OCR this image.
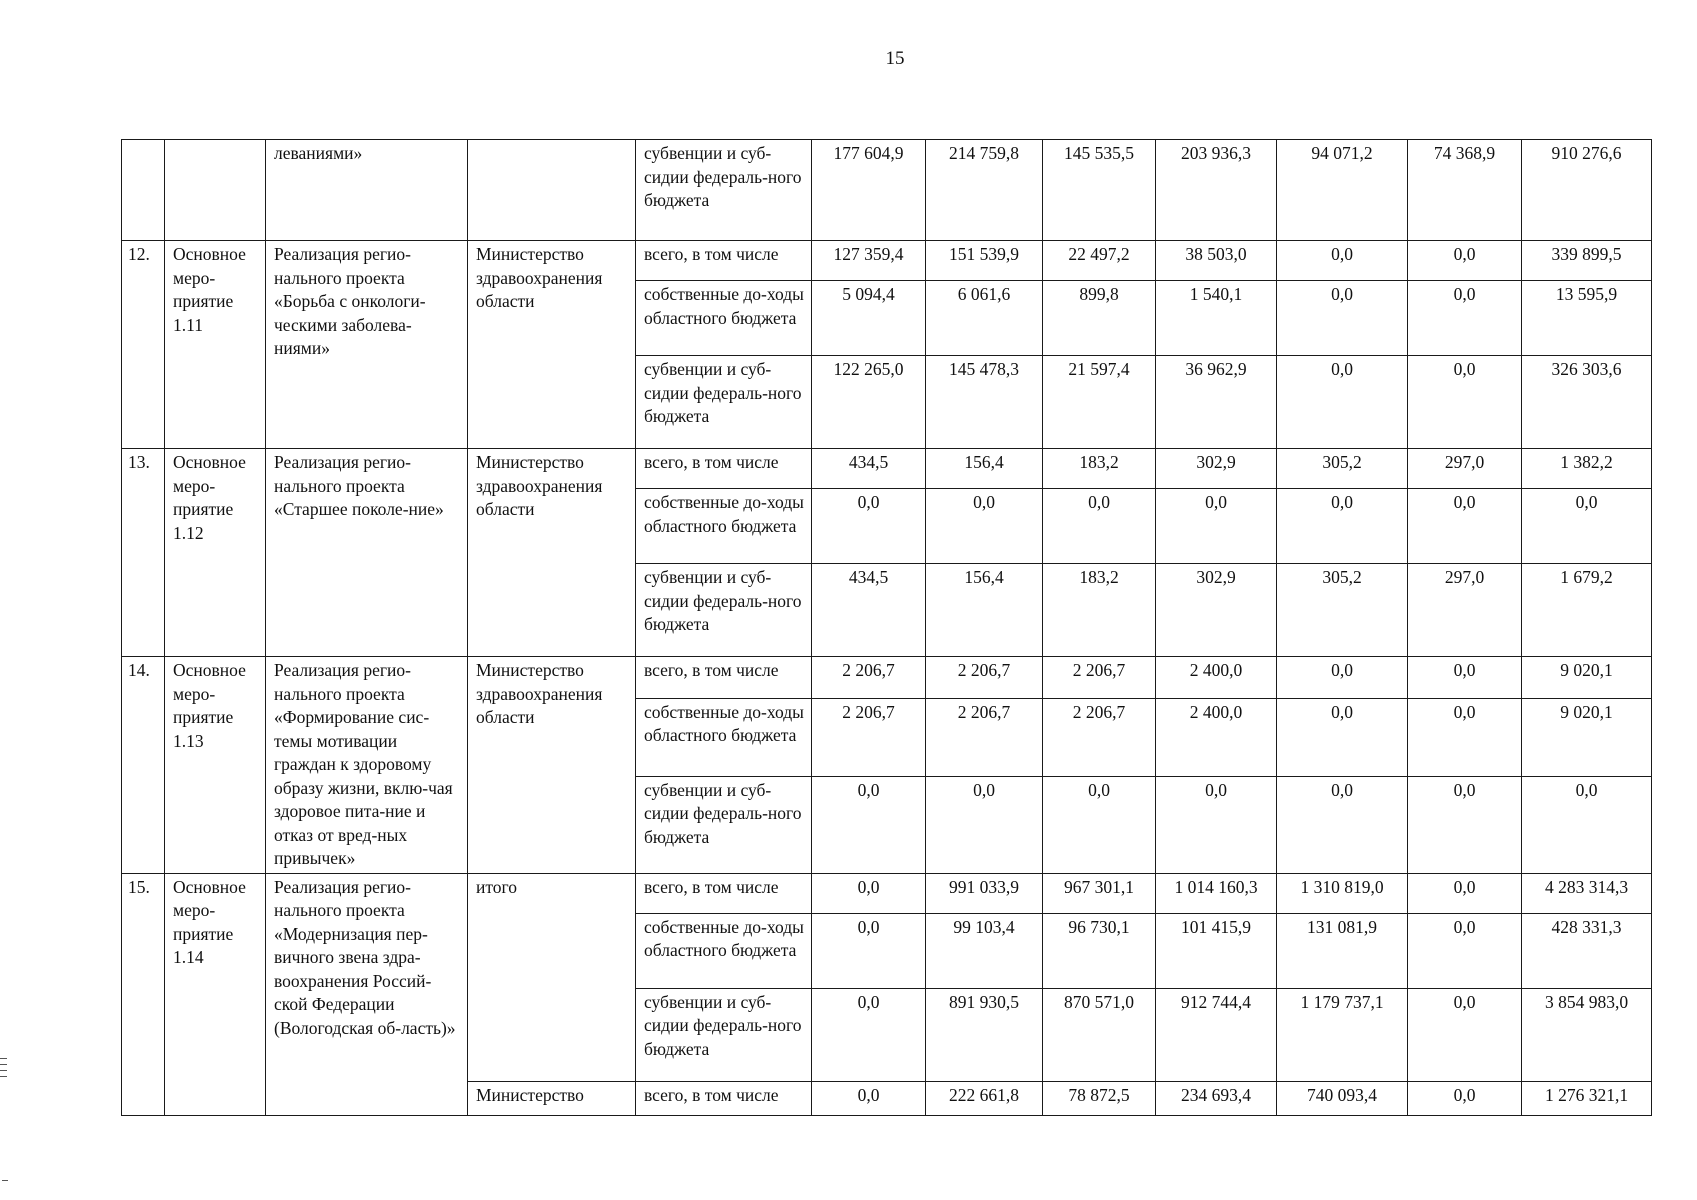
15
		леваниями»		субвенции и суб-сидии федераль-ного бюджета	177 604,9	214 759,8	145 535,5	203 936,3	94 071,2	74 368,9	910 276,6
12.	Основное меро-приятие 1.11	Реализация регио-нального проекта «Борьба с онкологи-ческими заболева-ниями»	Министерство здравоохранения области	всего, в том числе	127 359,4	151 539,9	22 497,2	38 503,0	0,0	0,0	339 899,5
				собственные до-ходы областного бюджета	5 094,4	6 061,6	899,8	1 540,1	0,0	0,0	13 595,9
				субвенции и суб-сидии федераль-ного бюджета	122 265,0	145 478,3	21 597,4	36 962,9	0,0	0,0	326 303,6
13.	Основное меро-приятие 1.12	Реализация регио-нального проекта «Старшее поколе-ние»	Министерство здравоохранения области	всего, в том числе	434,5	156,4	183,2	302,9	305,2	297,0	1 382,2
				собственные до-ходы областного бюджета	0,0	0,0	0,0	0,0	0,0	0,0	0,0
				субвенции и суб-сидии федераль-ного бюджета	434,5	156,4	183,2	302,9	305,2	297,0	1 679,2
14.	Основное меро-приятие 1.13	Реализация регио-нального проекта «Формирование сис-темы мотивации граждан к здоровому образу жизни, вклю-чая здоровое пита-ние и отказ от вред-ных привычек»	Министерство здравоохранения области	всего, в том числе	2 206,7	2 206,7	2 206,7	2 400,0	0,0	0,0	9 020,1
				собственные до-ходы областного бюджета	2 206,7	2 206,7	2 206,7	2 400,0	0,0	0,0	9 020,1
				субвенции и суб-сидии федераль-ного бюджета	0,0	0,0	0,0	0,0	0,0	0,0	0,0
15.	Основное меро-приятие 1.14	Реализация регио-нального проекта «Модернизация пер-вичного звена здра-воохранения Россий-ской Федерации (Вологодская об-ласть)»	итого	всего, в том числе	0,0	991 033,9	967 301,1	1 014 160,3	1 310 819,0	0,0	4 283 314,3
				собственные до-ходы областного бюджета	0,0	99 103,4	96 730,1	101 415,9	131 081,9	0,0	428 331,3
				субвенции и суб-сидии федераль-ного бюджета	0,0	891 930,5	870 571,0	912 744,4	1 179 737,1	0,0	3 854 983,0
			Министерство	всего, в том числе	0,0	222 661,8	78 872,5	234 693,4	740 093,4	0,0	1 276 321,1
